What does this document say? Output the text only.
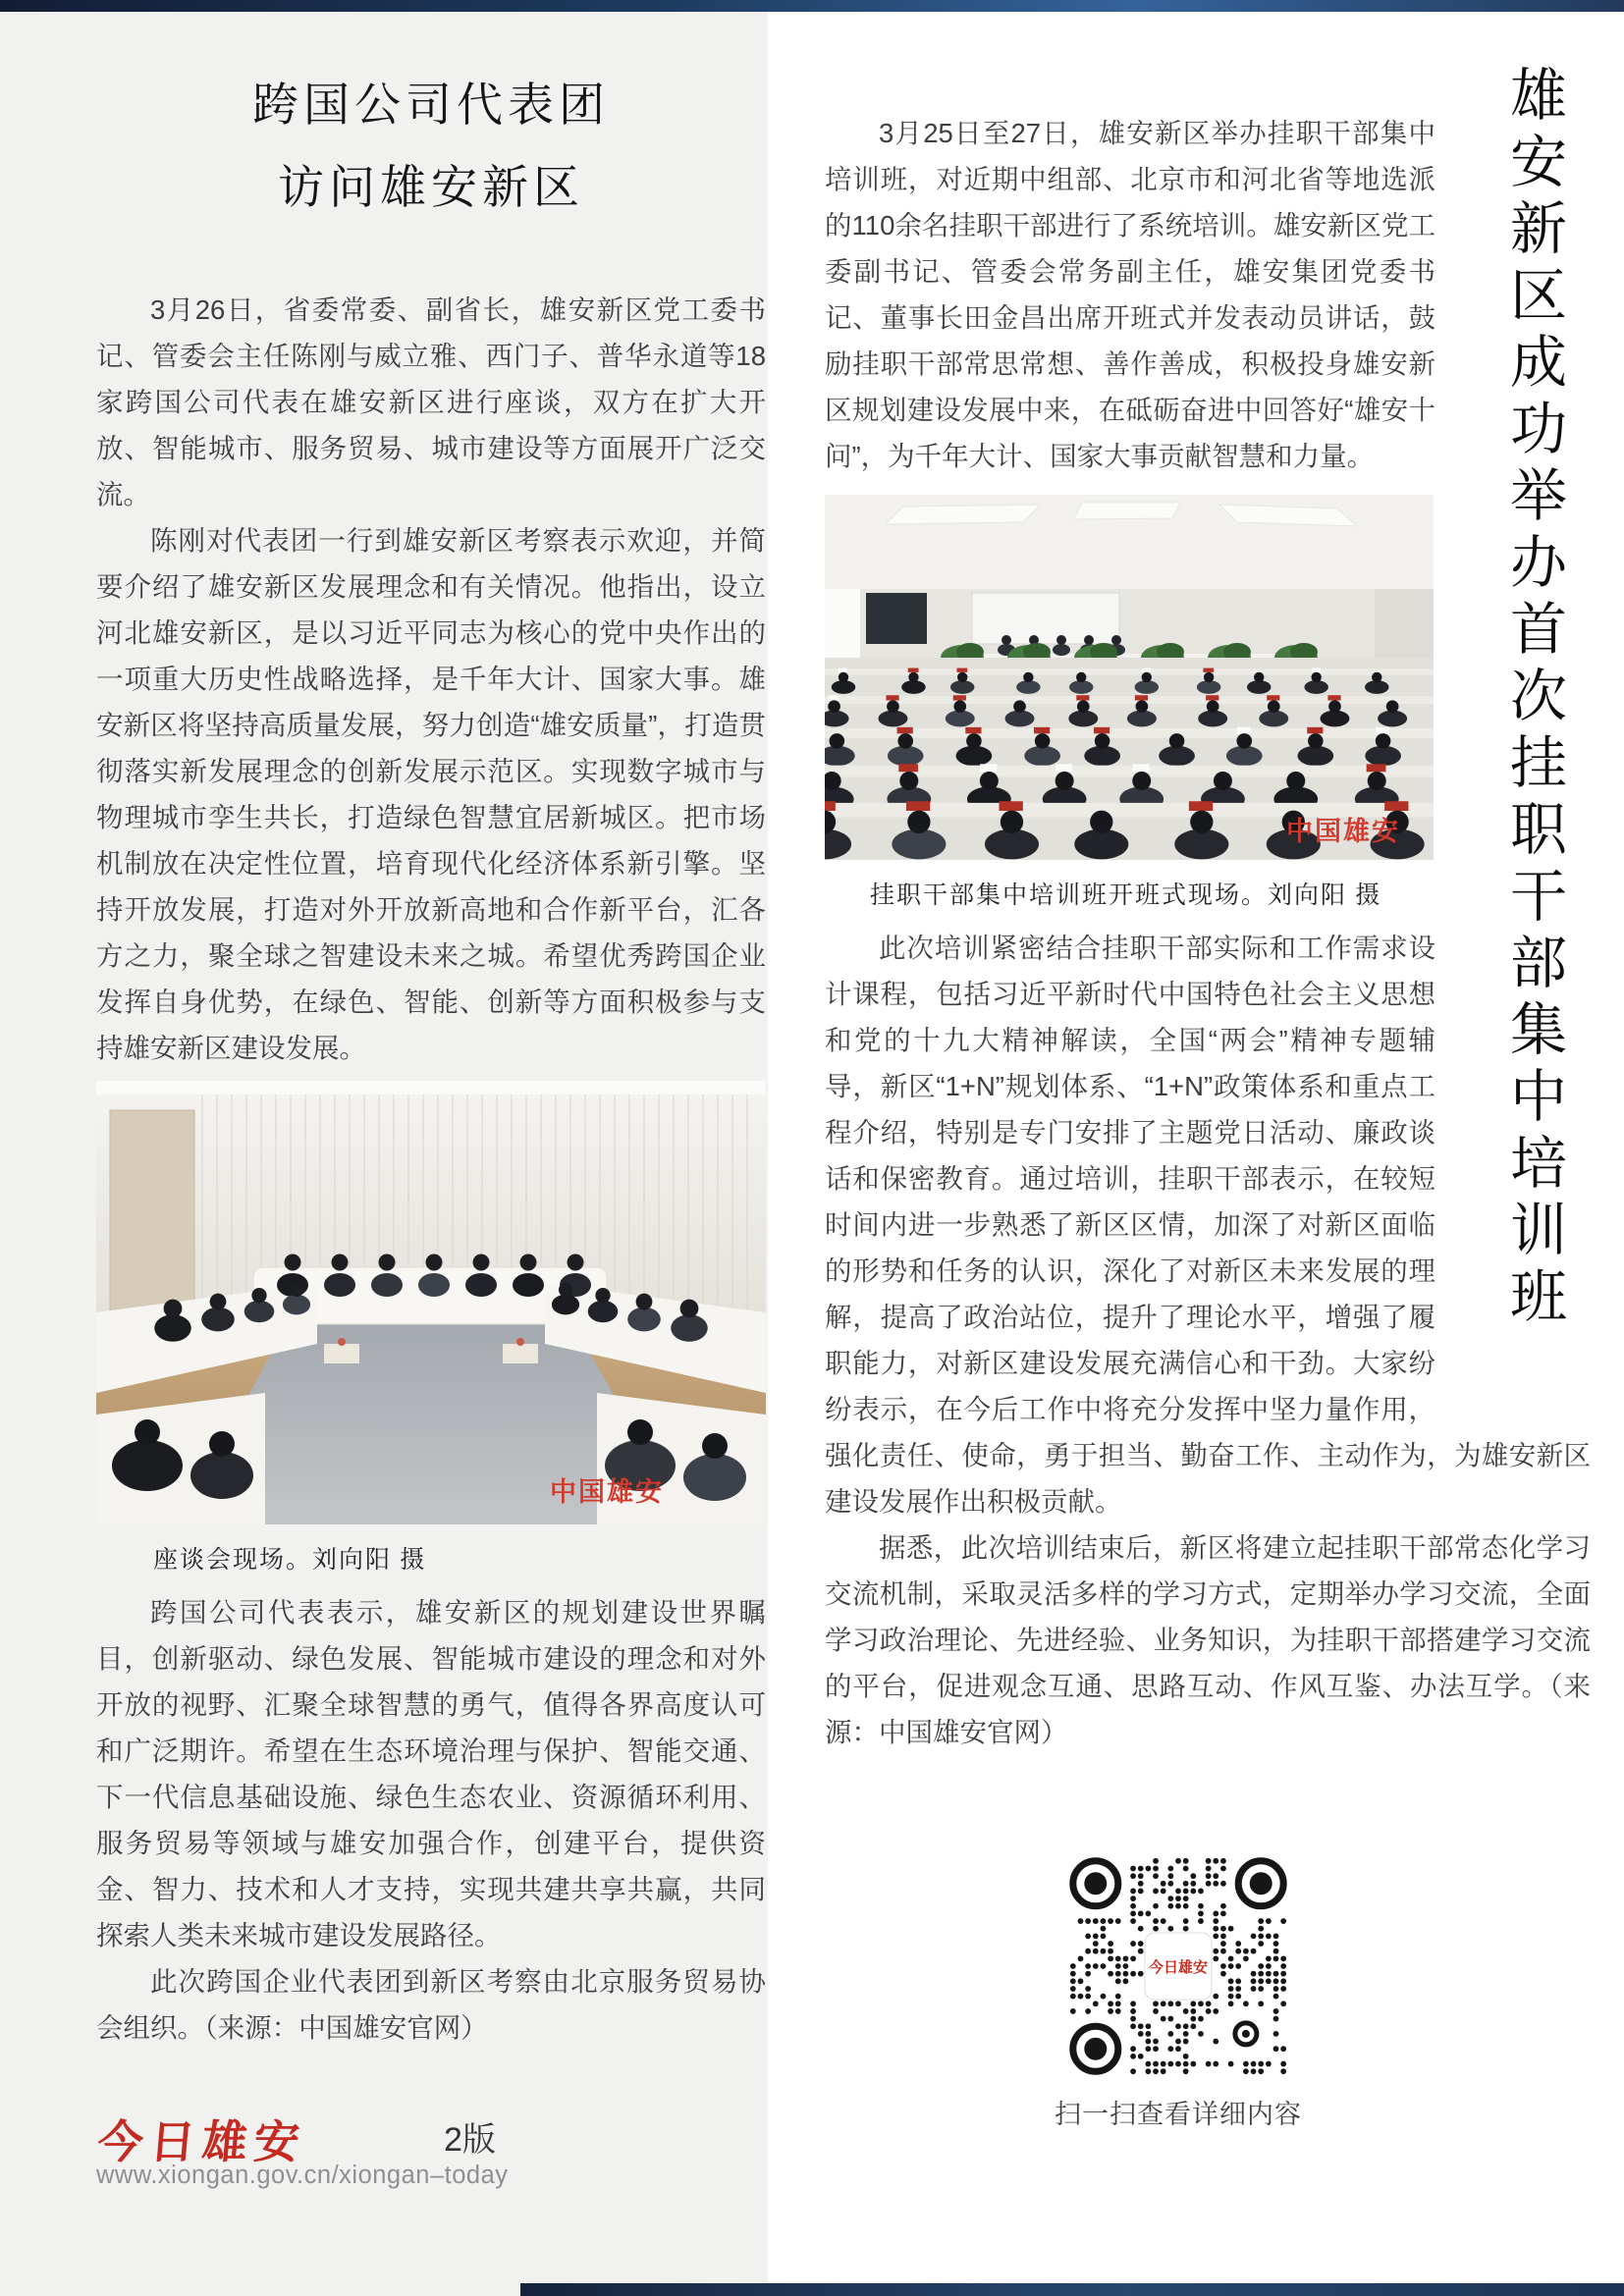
跨国公司代表团
访问雄安新区

3月26日，省委常委、副省长，雄安新区党工委书记、管委会主任陈刚与威立雅、西门子、普华永道等18家跨国公司代表在雄安新区进行座谈，双方在扩大开放、智能城市、服务贸易、城市建设等方面展开广泛交流。

陈刚对代表团一行到雄安新区考察表示欢迎，并简要介绍了雄安新区发展理念和有关情况。他指出，设立河北雄安新区，是以习近平同志为核心的党中央作出的一项重大历史性战略选择，是千年大计、国家大事。雄安新区将坚持高质量发展，努力创造“雄安质量”，打造贯彻落实新发展理念的创新发展示范区。实现数字城市与物理城市孪生共长，打造绿色智慧宜居新城区。把市场机制放在决定性位置，培育现代化经济体系新引擎。坚持开放发展，打造对外开放新高地和合作新平台，汇各方之力，聚全球之智建设未来之城。希望优秀跨国企业发挥自身优势，在绿色、智能、创新等方面积极参与支持雄安新区建设发展。

中国雄安
座谈会现场。刘向阳 摄

跨国公司代表表示，雄安新区的规划建设世界瞩目，创新驱动、绿色发展、智能城市建设的理念和对外开放的视野、汇聚全球智慧的勇气，值得各界高度认可和广泛期许。希望在生态环境治理与保护、智能交通、下一代信息基础设施、绿色生态农业、资源循环利用、服务贸易等领域与雄安加强合作，创建平台，提供资金、智力、技术和人才支持，实现共建共享共赢，共同探索人类未来城市建设发展路径。

此次跨国企业代表团到新区考察由北京服务贸易协会组织。（来源：中国雄安官网）

雄安新区成功举办首次挂职干部集中培训班

3月25日至27日，雄安新区举办挂职干部集中培训班，对近期中组部、北京市和河北省等地选派的110余名挂职干部进行了系统培训。雄安新区党工委副书记、管委会常务副主任，雄安集团党委书记、董事长田金昌出席开班式并发表动员讲话，鼓励挂职干部常思常想、善作善成，积极投身雄安新区规划建设发展中来，在砥砺奋进中回答好“雄安十问”，为千年大计、国家大事贡献智慧和力量。

中国雄安
挂职干部集中培训班开班式现场。刘向阳 摄

此次培训紧密结合挂职干部实际和工作需求设计课程，包括习近平新时代中国特色社会主义思想和党的十九大精神解读，全国“两会”精神专题辅导，新区“1+N”规划体系、“1+N”政策体系和重点工程介绍，特别是专门安排了主题党日活动、廉政谈话和保密教育。通过培训，挂职干部表示，在较短时间内进一步熟悉了新区区情，加深了对新区面临的形势和任务的认识，深化了对新区未来发展的理解，提高了政治站位，提升了理论水平，增强了履职能力，对新区建设发展充满信心和干劲。大家纷纷表示，在今后工作中将充分发挥中坚力量作用，强化责任、使命，勇于担当、勤奋工作、主动作为，为雄安新区建设发展作出积极贡献。

据悉，此次培训结束后，新区将建立起挂职干部常态化学习交流机制，采取灵活多样的学习方式，定期举办学习交流，全面学习政治理论、先进经验、业务知识，为挂职干部搭建学习交流的平台，促进观念互通、思路互动、作风互鉴、办法互学。（来源：中国雄安官网）

今日雄安
扫一扫查看详细内容
今日雄安	2版
www.xiongan.gov.cn/xiongan–today
